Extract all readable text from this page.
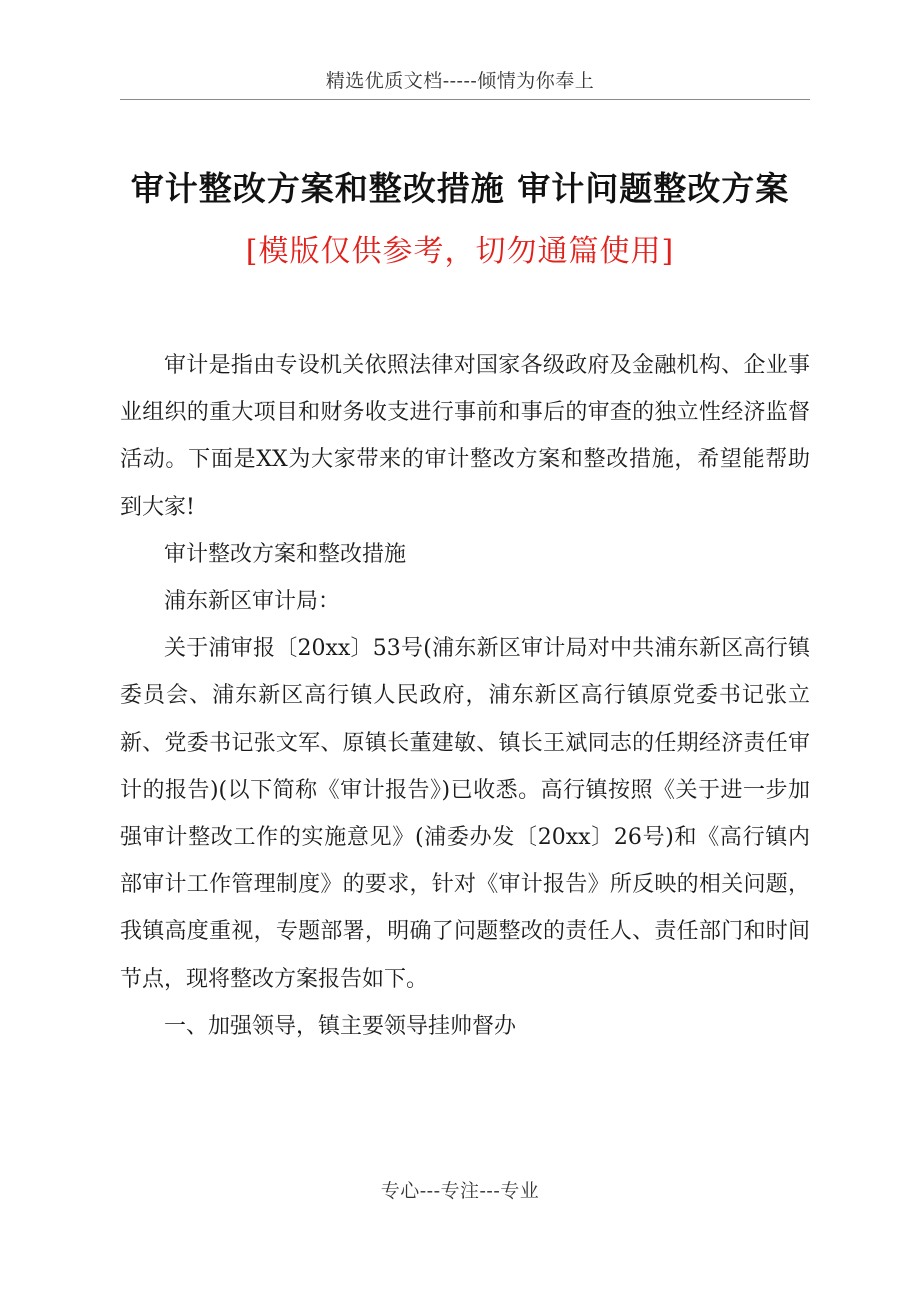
精选优质文档-----倾情为你奉上
审计整改方案和整改措施 审计问题整改方案
[模版仅供参考，切勿通篇使用]

审计是指由专设机关依照法律对国家各级政府及金融机构、企业事业组织的重大项目和财务收支进行事前和事后的审查的独立性经济监督活动。下面是XX为大家带来的审计整改方案和整改措施，希望能帮助到大家!

审计整改方案和整改措施

浦东新区审计局：

关于浦审报〔20xx〕53号(浦东新区审计局对中共浦东新区高行镇委员会、浦东新区高行镇人民政府，浦东新区高行镇原党委书记张立新、党委书记张文军、原镇长董建敏、镇长王斌同志的任期经济责任审计的报告)(以下简称《审计报告》)已收悉。高行镇按照《关于进一步加强审计整改工作的实施意见》(浦委办发〔20xx〕26号)和《高行镇内部审计工作管理制度》的要求，针对《审计报告》所反映的相关问题，我镇高度重视，专题部署，明确了问题整改的责任人、责任部门和时间节点，现将整改方案报告如下。

一、加强领导，镇主要领导挂帅督办

专心---专注---专业
